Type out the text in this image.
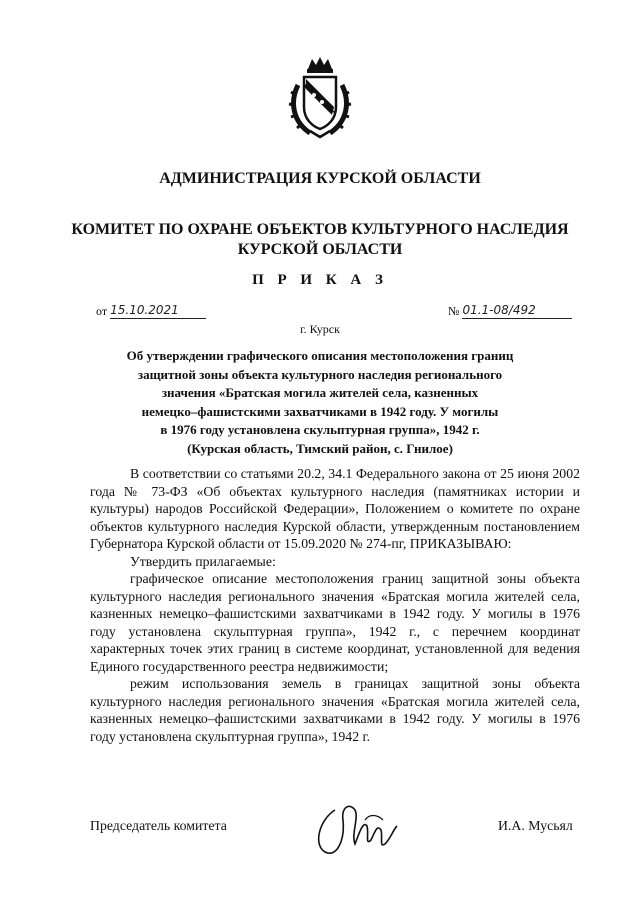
АДМИНИСТРАЦИЯ КУРСКОЙ ОБЛАСТИ
КОМИТЕТ ПО ОХРАНЕ ОБЪЕКТОВ КУЛЬТУРНОГО НАСЛЕДИЯ
КУРСКОЙ ОБЛАСТИ
П Р И К А З
от 15.10.2021	№ 01.1-08/492
г. Курск
Об утверждении графического описания местоположения границ
защитной зоны объекта культурного наследия регионального
значения «Братская могила жителей села, казненных
немецко–фашистскими захватчиками в 1942 году. У могилы
в 1976 году установлена скульптурная группа», 1942 г.
(Курская область, Тимский район, с. Гнилое)

В соответствии со статьями 20.2, 34.1 Федерального закона от 25 июня 2002 года № 73-ФЗ «Об объектах культурного наследия (памятниках истории и культуры) народов Российской Федерации», Положением о комитете по охране объектов культурного наследия Курской области, утвержденным постановлением Губернатора Курской области от 15.09.2020 № 274-пг, ПРИКАЗЫВАЮ:

Утвердить прилагаемые:

графическое описание местоположения границ защитной зоны объекта культурного наследия регионального значения «Братская могила жителей села, казненных немецко–фашистскими захватчиками в 1942 году. У могилы в 1976 году установлена скульптурная группа», 1942 г., с перечнем координат характерных точек этих границ в системе координат, установленной для ведения Единого государственного реестра недвижимости;

режим использования земель в границах защитной зоны объекта культурного наследия регионального значения «Братская могила жителей села, казненных немецко–фашистскими захватчиками в 1942 году. У могилы в 1976 году установлена скульптурная группа», 1942 г.

Председатель комитета	И.А. Мусьял
